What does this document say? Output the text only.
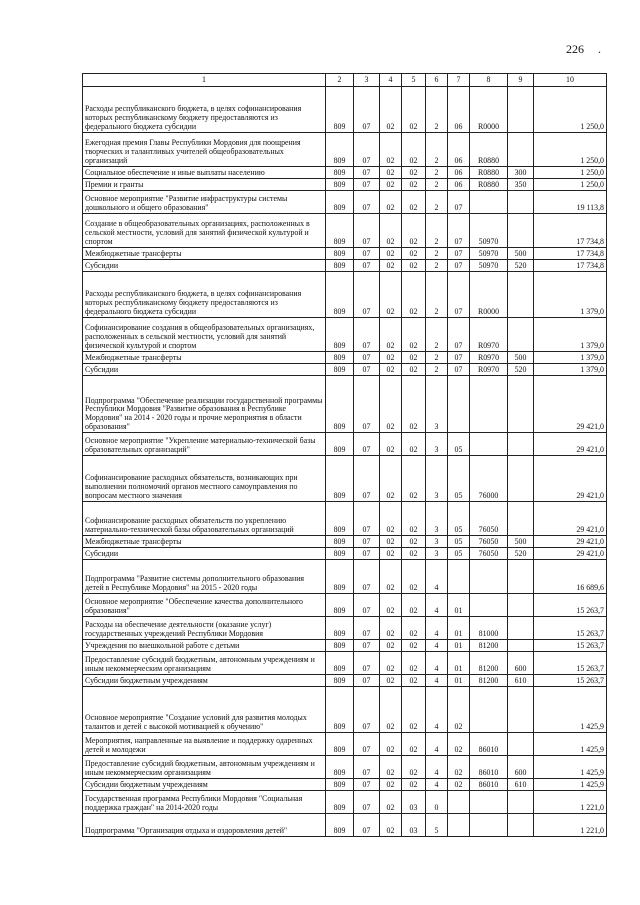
226 .
1	2	3	4	5	6	7	8	9	10
Расходы республиканского бюджета, в целях софинансирования которых республиканскому бюджету предоставляются из федерального бюджета субсидии	809	07	02	02	2	06	R0000		1 250,0
Ежегодная премия Главы Республики Мордовия для поощрения творческих и талантливых учителей общеобразовательных организаций	809	07	02	02	2	06	R0880		1 250,0
Социальное обеспечение и иные выплаты населению	809	07	02	02	2	06	R0880	300	1 250,0
Премии и гранты	809	07	02	02	2	06	R0880	350	1 250,0
Основное мероприятие "Развитие инфраструктуры системы дошкольного и общего образования"	809	07	02	02	2	07			19 113,8
Создание в общеобразовательных организациях, расположенных в сельской местности, условий для занятий физической культурой и спортом	809	07	02	02	2	07	50970		17 734,8
Межбюджетные трансферты	809	07	02	02	2	07	50970	500	17 734,8
Субсидии	809	07	02	02	2	07	50970	520	17 734,8
Расходы республиканского бюджета, в целях софинансирования которых республиканскому бюджету предоставляются из федерального бюджета субсидии	809	07	02	02	2	07	R0000		1 379,0
Софинансирование создания в общеобразовательных организациях, расположенных в сельской местности, условий для занятий физической культурой и спортом	809	07	02	02	2	07	R0970		1 379,0
Межбюджетные трансферты	809	07	02	02	2	07	R0970	500	1 379,0
Субсидии	809	07	02	02	2	07	R0970	520	1 379,0
Подпрограмма "Обеспечение реализации государственной программы Республики Мордовия "Развитие образования в Республике Мордовия" на 2014 - 2020 годы и прочие мероприятия в области образования"	809	07	02	02	3				29 421,0
Основное мероприятие "Укрепление материально-технической базы образовательных организаций"	809	07	02	02	3	05			29 421,0
Софинансирование расходных обязательств, возникающих при выполнении полномочий органов местного самоуправления по вопросам местного значения	809	07	02	02	3	05	76000		29 421,0
Софинансирование расходных обязательств по укреплению материально-технической базы образовательных организаций	809	07	02	02	3	05	76050		29 421,0
Межбюджетные трансферты	809	07	02	02	3	05	76050	500	29 421,0
Субсидии	809	07	02	02	3	05	76050	520	29 421,0
Подпрограмма "Развитие системы дополнительного образования детей в Республике Мордовия" на 2015 - 2020 годы	809	07	02	02	4				16 689,6
Основное мероприятие "Обеспечение качества дополнительного образования"	809	07	02	02	4	01			15 263,7
Расходы на обеспечение деятельности (оказание услуг) государственных учреждений Республики Мордовия	809	07	02	02	4	01	81000		15 263,7
Учреждения по внешкольной работе с детьми	809	07	02	02	4	01	81200		15 263,7
Предоставление субсидий бюджетным, автономным учреждениям и иным некоммерческим организациям	809	07	02	02	4	01	81200	600	15 263,7
Субсидии бюджетным учреждениям	809	07	02	02	4	01	81200	610	15 263,7
Основное мероприятие "Создание условий для развития молодых талантов и детей с высокой мотивацией к обучению"	809	07	02	02	4	02			1 425,9
Мероприятия, направленные на выявление и поддержку одаренных детей и молодежи	809	07	02	02	4	02	86010		1 425,9
Предоставление субсидий бюджетным, автономным учреждениям и иным некоммерческим организациям	809	07	02	02	4	02	86010	600	1 425,9
Субсидии бюджетным учреждениям	809	07	02	02	4	02	86010	610	1 425,9
Государственная программа Республики Мордовия "Социальная поддержка граждан" на 2014-2020 годы	809	07	02	03	0				1 221,0
Подпрограмма "Организация отдыха и оздоровления детей"	809	07	02	03	5				1 221,0
